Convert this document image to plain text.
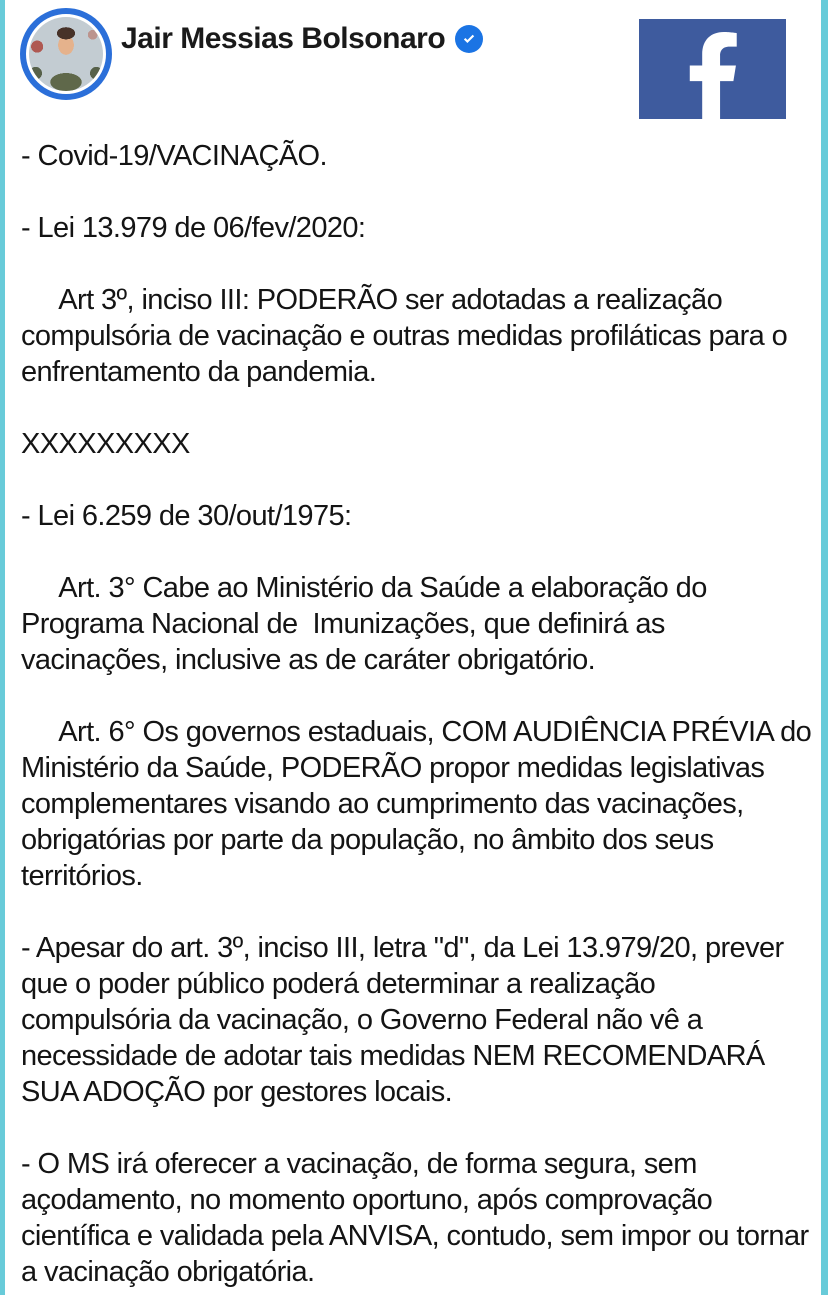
Jair Messias Bolsonaro
- Covid-19/VACINAÇÃO.
- Lei 13.979 de 06/fev/2020:
Art 3º, inciso III: PODERÃO ser adotadas a realização compulsória de vacinação e outras medidas profiláticas para o enfrentamento da pandemia.
XXXXXXXXX
- Lei 6.259 de 30/out/1975:
Art. 3° Cabe ao Ministério da Saúde a elaboração do Programa Nacional de  Imunizações, que definirá as vacinações, inclusive as de caráter obrigatório.
Art. 6° Os governos estaduais, COM AUDIÊNCIA PRÉVIA do Ministério da Saúde, PODERÃO propor medidas legislativas complementares visando ao cumprimento das vacinações, obrigatórias por parte da população, no âmbito dos seus territórios.
- Apesar do art. 3º, inciso III, letra "d", da Lei 13.979/20, prever que o poder público poderá determinar a realização compulsória da vacinação, o Governo Federal não vê a necessidade de adotar tais medidas NEM RECOMENDARÁ SUA ADOÇÃO por gestores locais.
- O MS irá oferecer a vacinação, de forma segura, sem açodamento, no momento oportuno, após comprovação científica e validada pela ANVISA, contudo, sem impor ou tornar a vacinação obrigatória.
